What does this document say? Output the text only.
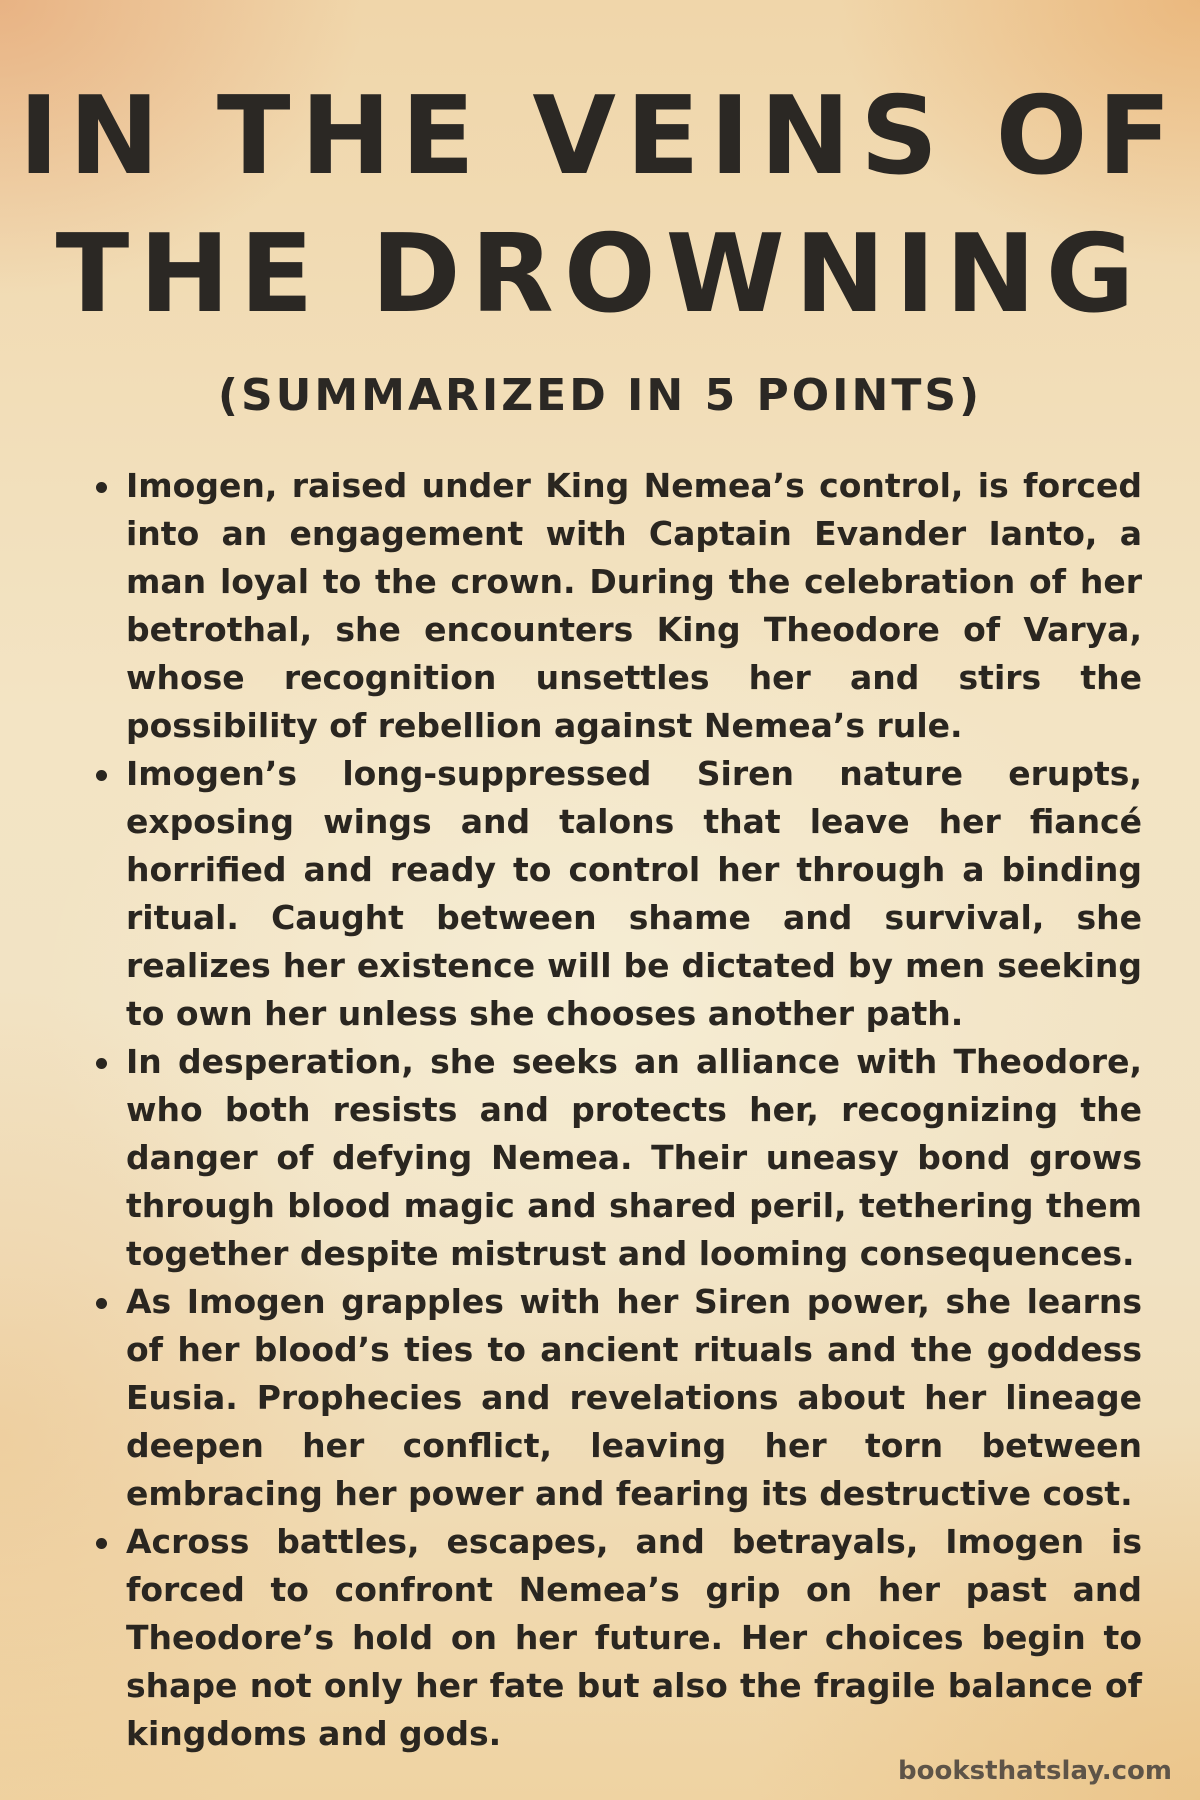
IN THE VEINS OF
THE DROWNING
(SUMMARIZED IN 5 POINTS)
Imogen, raised under King Nemea’s control, is forced into an engagement with Captain Evander Ianto, a man loyal to the crown. During the celebration of her betrothal, she encounters King Theodore of Varya, whose recognition unsettles her and stirs the possibility of rebellion against Nemea’s rule.
Imogen’s long-suppressed Siren nature erupts, exposing wings and talons that leave her fiancé horrified and ready to control her through a binding ritual. Caught between shame and survival, she realizes her existence will be dictated by men seeking to own her unless she chooses another path.
In desperation, she seeks an alliance with Theodore, who both resists and protects her, recognizing the danger of defying Nemea. Their uneasy bond grows through blood magic and shared peril, tethering them together despite mistrust and looming consequences.
As Imogen grapples with her Siren power, she learns of her blood’s ties to ancient rituals and the goddess Eusia. Prophecies and revelations about her lineage deepen her conflict, leaving her torn between embracing her power and fearing its destructive cost.
Across battles, escapes, and betrayals, Imogen is forced to confront Nemea’s grip on her past and Theodore’s hold on her future. Her choices begin to shape not only her fate but also the fragile balance of kingdoms and gods.
booksthatslay.com
